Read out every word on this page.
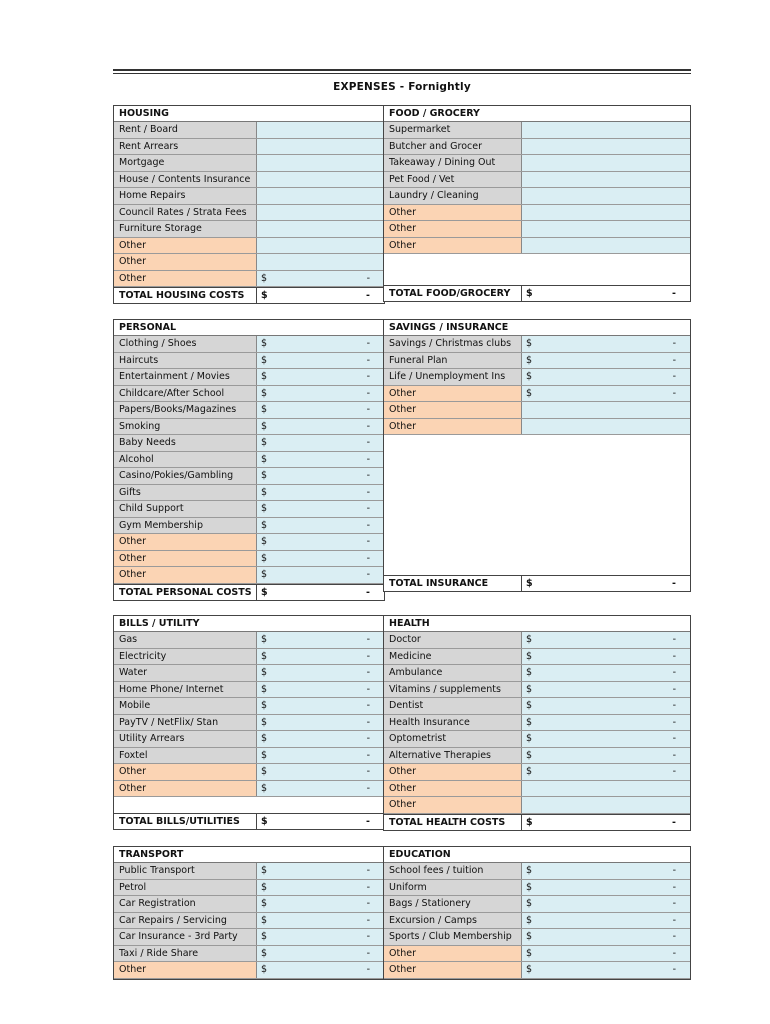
EXPENSES - Fornightly
HOUSING
Rent / Board
Rent Arrears
Mortgage
House / Contents Insurance
Home Repairs
Council Rates / Strata Fees
Furniture Storage
Other
Other
Other	$	-
TOTAL HOUSING COSTS	$	-
PERSONAL
Clothing / Shoes	$	-
Haircuts	$	-
Entertainment / Movies	$	-
Childcare/After School	$	-
Papers/Books/Magazines	$	-
Smoking	$	-
Baby Needs	$	-
Alcohol	$	-
Casino/Pokies/Gambling	$	-
Gifts	$	-
Child Support	$	-
Gym Membership	$	-
Other	$	-
Other	$	-
Other	$	-
TOTAL PERSONAL COSTS $	-
BILLS / UTILITY
Gas	$	-
Electricity	$	-
Water	$	-
Home Phone/ Internet	$	-
Mobile	$	-
PayTV / NetFlix/ Stan	$	-
Utility Arrears	$	-
Foxtel	$	-
Other	$	-
Other	$	-
TOTAL BILLS/UTILITIES	$	-
TRANSPORT
Public Transport	$	-
Petrol	$	-
Car Registration	$	-
Car Repairs / Servicing	$	-
Car Insurance - 3rd Party	$	-
Taxi / Ride Share	$	-
Other	$	-
FOOD / GROCERY
Supermarket
Butcher and Grocer
Takeaway / Dining Out
Pet Food / Vet
Laundry / Cleaning
Other
Other
Other
TOTAL FOOD/GROCERY	$	-
SAVINGS / INSURANCE
Savings / Christmas clubs	$	-
Funeral Plan	$	-
Life / Unemployment Ins	$	-
Other	$	-
Other
Other
TOTAL INSURANCE	$	-
HEALTH
Doctor	$	-
Medicine	$	-
Ambulance	$	-
Vitamins / supplements	$	-
Dentist	$	-
Health Insurance	$	-
Optometrist	$	-
Alternative Therapies	$	-
Other	$	-
Other
Other
TOTAL HEALTH COSTS	$	-
EDUCATION
School fees / tuition	$	-
Uniform	$	-
Bags / Stationery	$	-
Excursion / Camps	$	-
Sports / Club Membership	$	-
Other	$	-
Other	$	-
